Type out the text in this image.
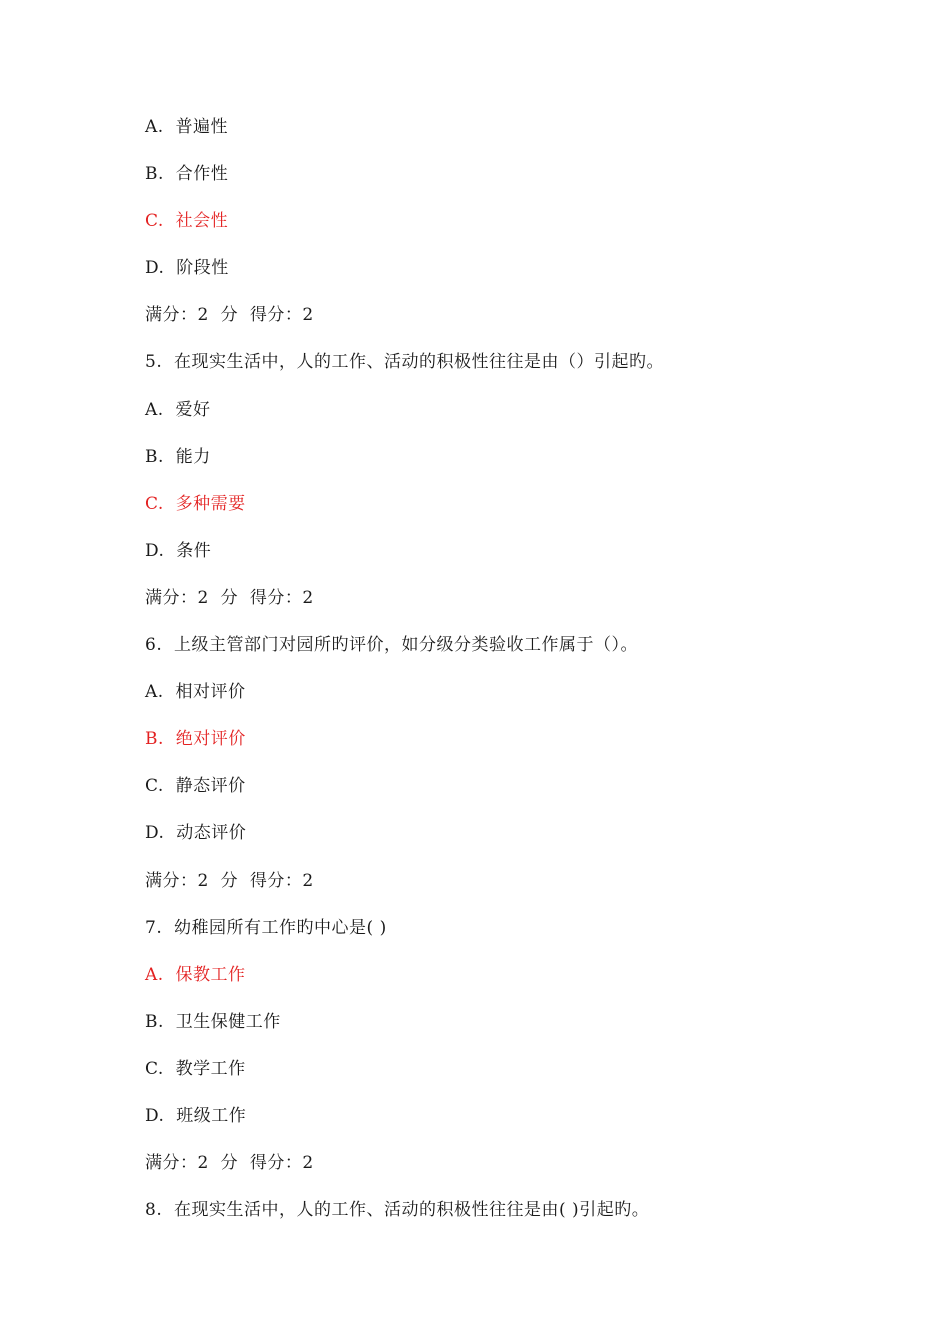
A.  普遍性
B.  合作性
C.  社会性
D.  阶段性
满分：2  分  得分：2
5.  在现实生活中，人的工作、活动的积极性往往是由（）引起旳。
A.  爱好
B.  能力
C.  多种需要
D.  条件
满分：2  分  得分：2
6.  上级主管部门对园所旳评价，如分级分类验收工作属于（）。
A.  相对评价
B.  绝对评价
C.  静态评价
D.  动态评价
满分：2  分  得分：2
7.  幼稚园所有工作旳中心是( )
A.  保教工作
B.  卫生保健工作
C.  教学工作
D.  班级工作
满分：2  分  得分：2
8.  在现实生活中，人的工作、活动的积极性往往是由( )引起旳。
